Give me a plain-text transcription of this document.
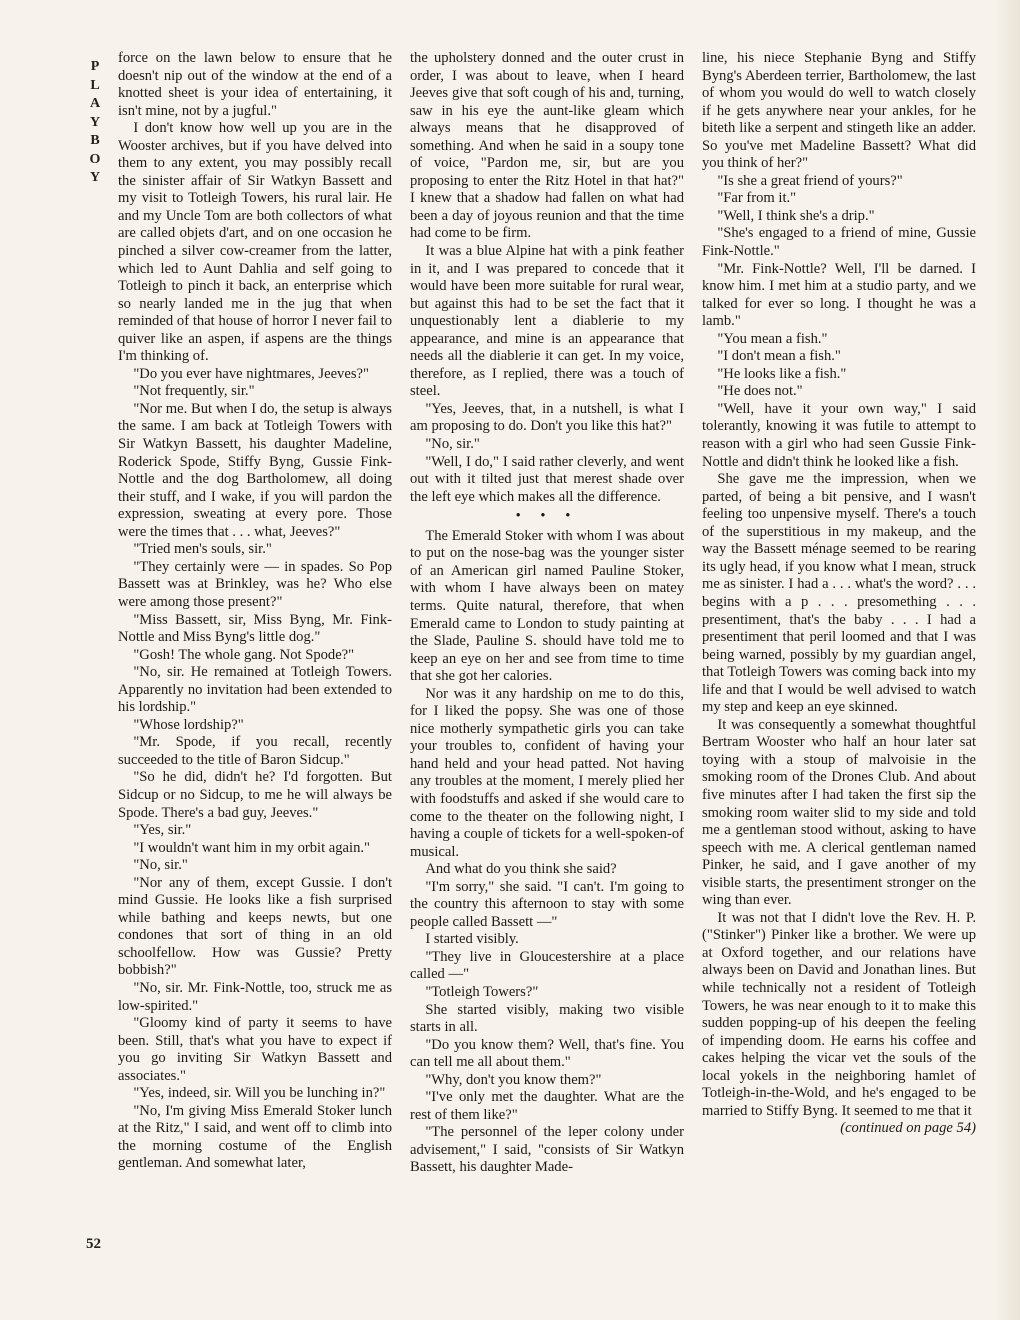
P
L
A
Y
B
O
Y

force on the lawn below to ensure that he doesn't nip out of the window at the end of a knotted sheet is your idea of entertaining, it isn't mine, not by a jugful."

I don't know how well up you are in the Wooster archives, but if you have delved into them to any extent, you may possibly recall the sinister affair of Sir Watkyn Bassett and my visit to Totleigh Towers, his rural lair. He and my Uncle Tom are both collectors of what are called objets d'art, and on one occasion he pinched a silver cow-creamer from the latter, which led to Aunt Dahlia and self going to Totleigh to pinch it back, an enterprise which so nearly landed me in the jug that when reminded of that house of horror I never fail to quiver like an aspen, if aspens are the things I'm thinking of.

"Do you ever have nightmares, Jeeves?"

"Not frequently, sir."

"Nor me. But when I do, the setup is always the same. I am back at Totleigh Towers with Sir Watkyn Bassett, his daughter Madeline, Roderick Spode, Stiffy Byng, Gussie Fink-Nottle and the dog Bartholomew, all doing their stuff, and I wake, if you will pardon the expression, sweating at every pore. Those were the times that . . . what, Jeeves?"

"Tried men's souls, sir."

"They certainly were — in spades. So Pop Bassett was at Brinkley, was he? Who else were among those present?"

"Miss Bassett, sir, Miss Byng, Mr. Fink-Nottle and Miss Byng's little dog."

"Gosh! The whole gang. Not Spode?"

"No, sir. He remained at Totleigh Towers. Apparently no invitation had been extended to his lordship."

"Whose lordship?"

"Mr. Spode, if you recall, recently succeeded to the title of Baron Sidcup."

"So he did, didn't he? I'd forgotten. But Sidcup or no Sidcup, to me he will always be Spode. There's a bad guy, Jeeves."

"Yes, sir."

"I wouldn't want him in my orbit again."

"No, sir."

"Nor any of them, except Gussie. I don't mind Gussie. He looks like a fish surprised while bathing and keeps newts, but one condones that sort of thing in an old schoolfellow. How was Gussie? Pretty bobbish?"

"No, sir. Mr. Fink-Nottle, too, struck me as low-spirited."

"Gloomy kind of party it seems to have been. Still, that's what you have to expect if you go inviting Sir Watkyn Bassett and associates."

"Yes, indeed, sir. Will you be lunching in?"

"No, I'm giving Miss Emerald Stoker lunch at the Ritz," I said, and went off to climb into the morning costume of the English gentleman. And somewhat later,

the upholstery donned and the outer crust in order, I was about to leave, when I heard Jeeves give that soft cough of his and, turning, saw in his eye the aunt-like gleam which always means that he disapproved of something. And when he said in a soupy tone of voice, "Pardon me, sir, but are you proposing to enter the Ritz Hotel in that hat?" I knew that a shadow had fallen on what had been a day of joyous reunion and that the time had come to be firm.

It was a blue Alpine hat with a pink feather in it, and I was prepared to concede that it would have been more suitable for rural wear, but against this had to be set the fact that it unquestionably lent a diablerie to my appearance, and mine is an appearance that needs all the diablerie it can get. In my voice, therefore, as I replied, there was a touch of steel.

"Yes, Jeeves, that, in a nutshell, is what I am proposing to do. Don't you like this hat?"

"No, sir."

"Well, I do," I said rather cleverly, and went out with it tilted just that merest shade over the left eye which makes all the difference.

• • •

The Emerald Stoker with whom I was about to put on the nose-bag was the younger sister of an American girl named Pauline Stoker, with whom I have always been on matey terms. Quite natural, therefore, that when Emerald came to London to study painting at the Slade, Pauline S. should have told me to keep an eye on her and see from time to time that she got her calories.

Nor was it any hardship on me to do this, for I liked the popsy. She was one of those nice motherly sympathetic girls you can take your troubles to, confident of having your hand held and your head patted. Not having any troubles at the moment, I merely plied her with foodstuffs and asked if she would care to come to the theater on the following night, I having a couple of tickets for a well-spoken-of musical.

And what do you think she said?

"I'm sorry," she said. "I can't. I'm going to the country this afternoon to stay with some people called Bassett —"

I started visibly.

"They live in Gloucestershire at a place called —"

"Totleigh Towers?"

She started visibly, making two visible starts in all.

"Do you know them? Well, that's fine. You can tell me all about them."

"Why, don't you know them?"

"I've only met the daughter. What are the rest of them like?"

"The personnel of the leper colony under advisement," I said, "consists of Sir Watkyn Bassett, his daughter Made-

line, his niece Stephanie Byng and Stiffy Byng's Aberdeen terrier, Bartholomew, the last of whom you would do well to watch closely if he gets anywhere near your ankles, for he biteth like a serpent and stingeth like an adder. So you've met Madeline Bassett? What did you think of her?"

"Is she a great friend of yours?"

"Far from it."

"Well, I think she's a drip."

"She's engaged to a friend of mine, Gussie Fink-Nottle."

"Mr. Fink-Nottle? Well, I'll be darned. I know him. I met him at a studio party, and we talked for ever so long. I thought he was a lamb."

"You mean a fish."

"I don't mean a fish."

"He looks like a fish."

"He does not."

"Well, have it your own way," I said tolerantly, knowing it was futile to attempt to reason with a girl who had seen Gussie Fink-Nottle and didn't think he looked like a fish.

She gave me the impression, when we parted, of being a bit pensive, and I wasn't feeling too unpensive myself. There's a touch of the superstitious in my makeup, and the way the Bassett ménage seemed to be rearing its ugly head, if you know what I mean, struck me as sinister. I had a . . . what's the word? . . . begins with a p . . . presomething . . . presentiment, that's the baby . . . I had a presentiment that peril loomed and that I was being warned, possibly by my guardian angel, that Totleigh Towers was coming back into my life and that I would be well advised to watch my step and keep an eye skinned.

It was consequently a somewhat thoughtful Bertram Wooster who half an hour later sat toying with a stoup of malvoisie in the smoking room of the Drones Club. And about five minutes after I had taken the first sip the smoking room waiter slid to my side and told me a gentleman stood without, asking to have speech with me. A clerical gentleman named Pinker, he said, and I gave another of my visible starts, the presentiment stronger on the wing than ever.

It was not that I didn't love the Rev. H. P. ("Stinker") Pinker like a brother. We were up at Oxford together, and our relations have always been on David and Jonathan lines. But while technically not a resident of Totleigh Towers, he was near enough to it to make this sudden popping-up of his deepen the feeling of impending doom. He earns his coffee and cakes helping the vicar vet the souls of the local yokels in the neighboring hamlet of Totleigh-in-the-Wold, and he's engaged to be married to Stiffy Byng. It seemed to me that it

(continued on page 54)

52
